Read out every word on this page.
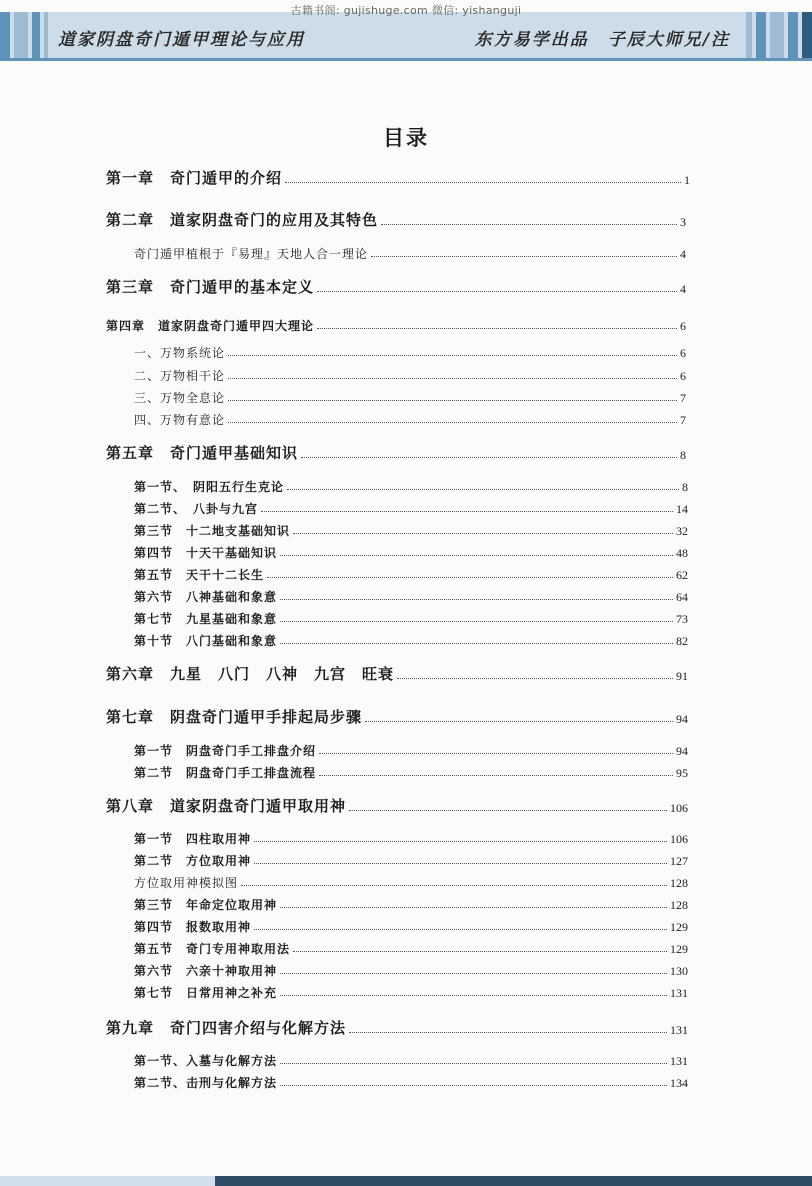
古籍书阁: gujishuge.com 微信: yishanguji
道家阴盘奇门遁甲理论与应用	东方易学出品　子辰大师兄/注
目录
第一章　奇门遁甲的介绍	1
第二章　道家阴盘奇门的应用及其特色	3
奇门遁甲植根于『易理』天地人合一理论	4
第三章　奇门遁甲的基本定义	4
第四章　道家阴盘奇门遁甲四大理论	6
一、万物系统论	6
二、万物相干论	6
三、万物全息论	7
四、万物有意论	7
第五章　奇门遁甲基础知识	8
第一节、　阴阳五行生克论	8
第二节、　八卦与九宫	14
第三节　十二地支基础知识	32
第四节　十天干基础知识	48
第五节　天干十二长生	62
第六节　八神基础和象意	64
第七节　九星基础和象意	73
第十节　八门基础和象意	82
第六章　九星　八门　八神　九宫　旺衰	91
第七章　阴盘奇门遁甲手排起局步骤	94
第一节　阴盘奇门手工排盘介绍	94
第二节　阴盘奇门手工排盘流程	95
第八章　道家阴盘奇门遁甲取用神	106
第一节　四柱取用神	106
第二节　方位取用神	127
方位取用神模拟图	128
第三节　年命定位取用神	128
第四节　报数取用神	129
第五节　奇门专用神取用法	129
第六节　六亲十神取用神	130
第七节　日常用神之补充	131
第九章　奇门四害介绍与化解方法	131
第一节、入墓与化解方法	131
第二节、击刑与化解方法	134
